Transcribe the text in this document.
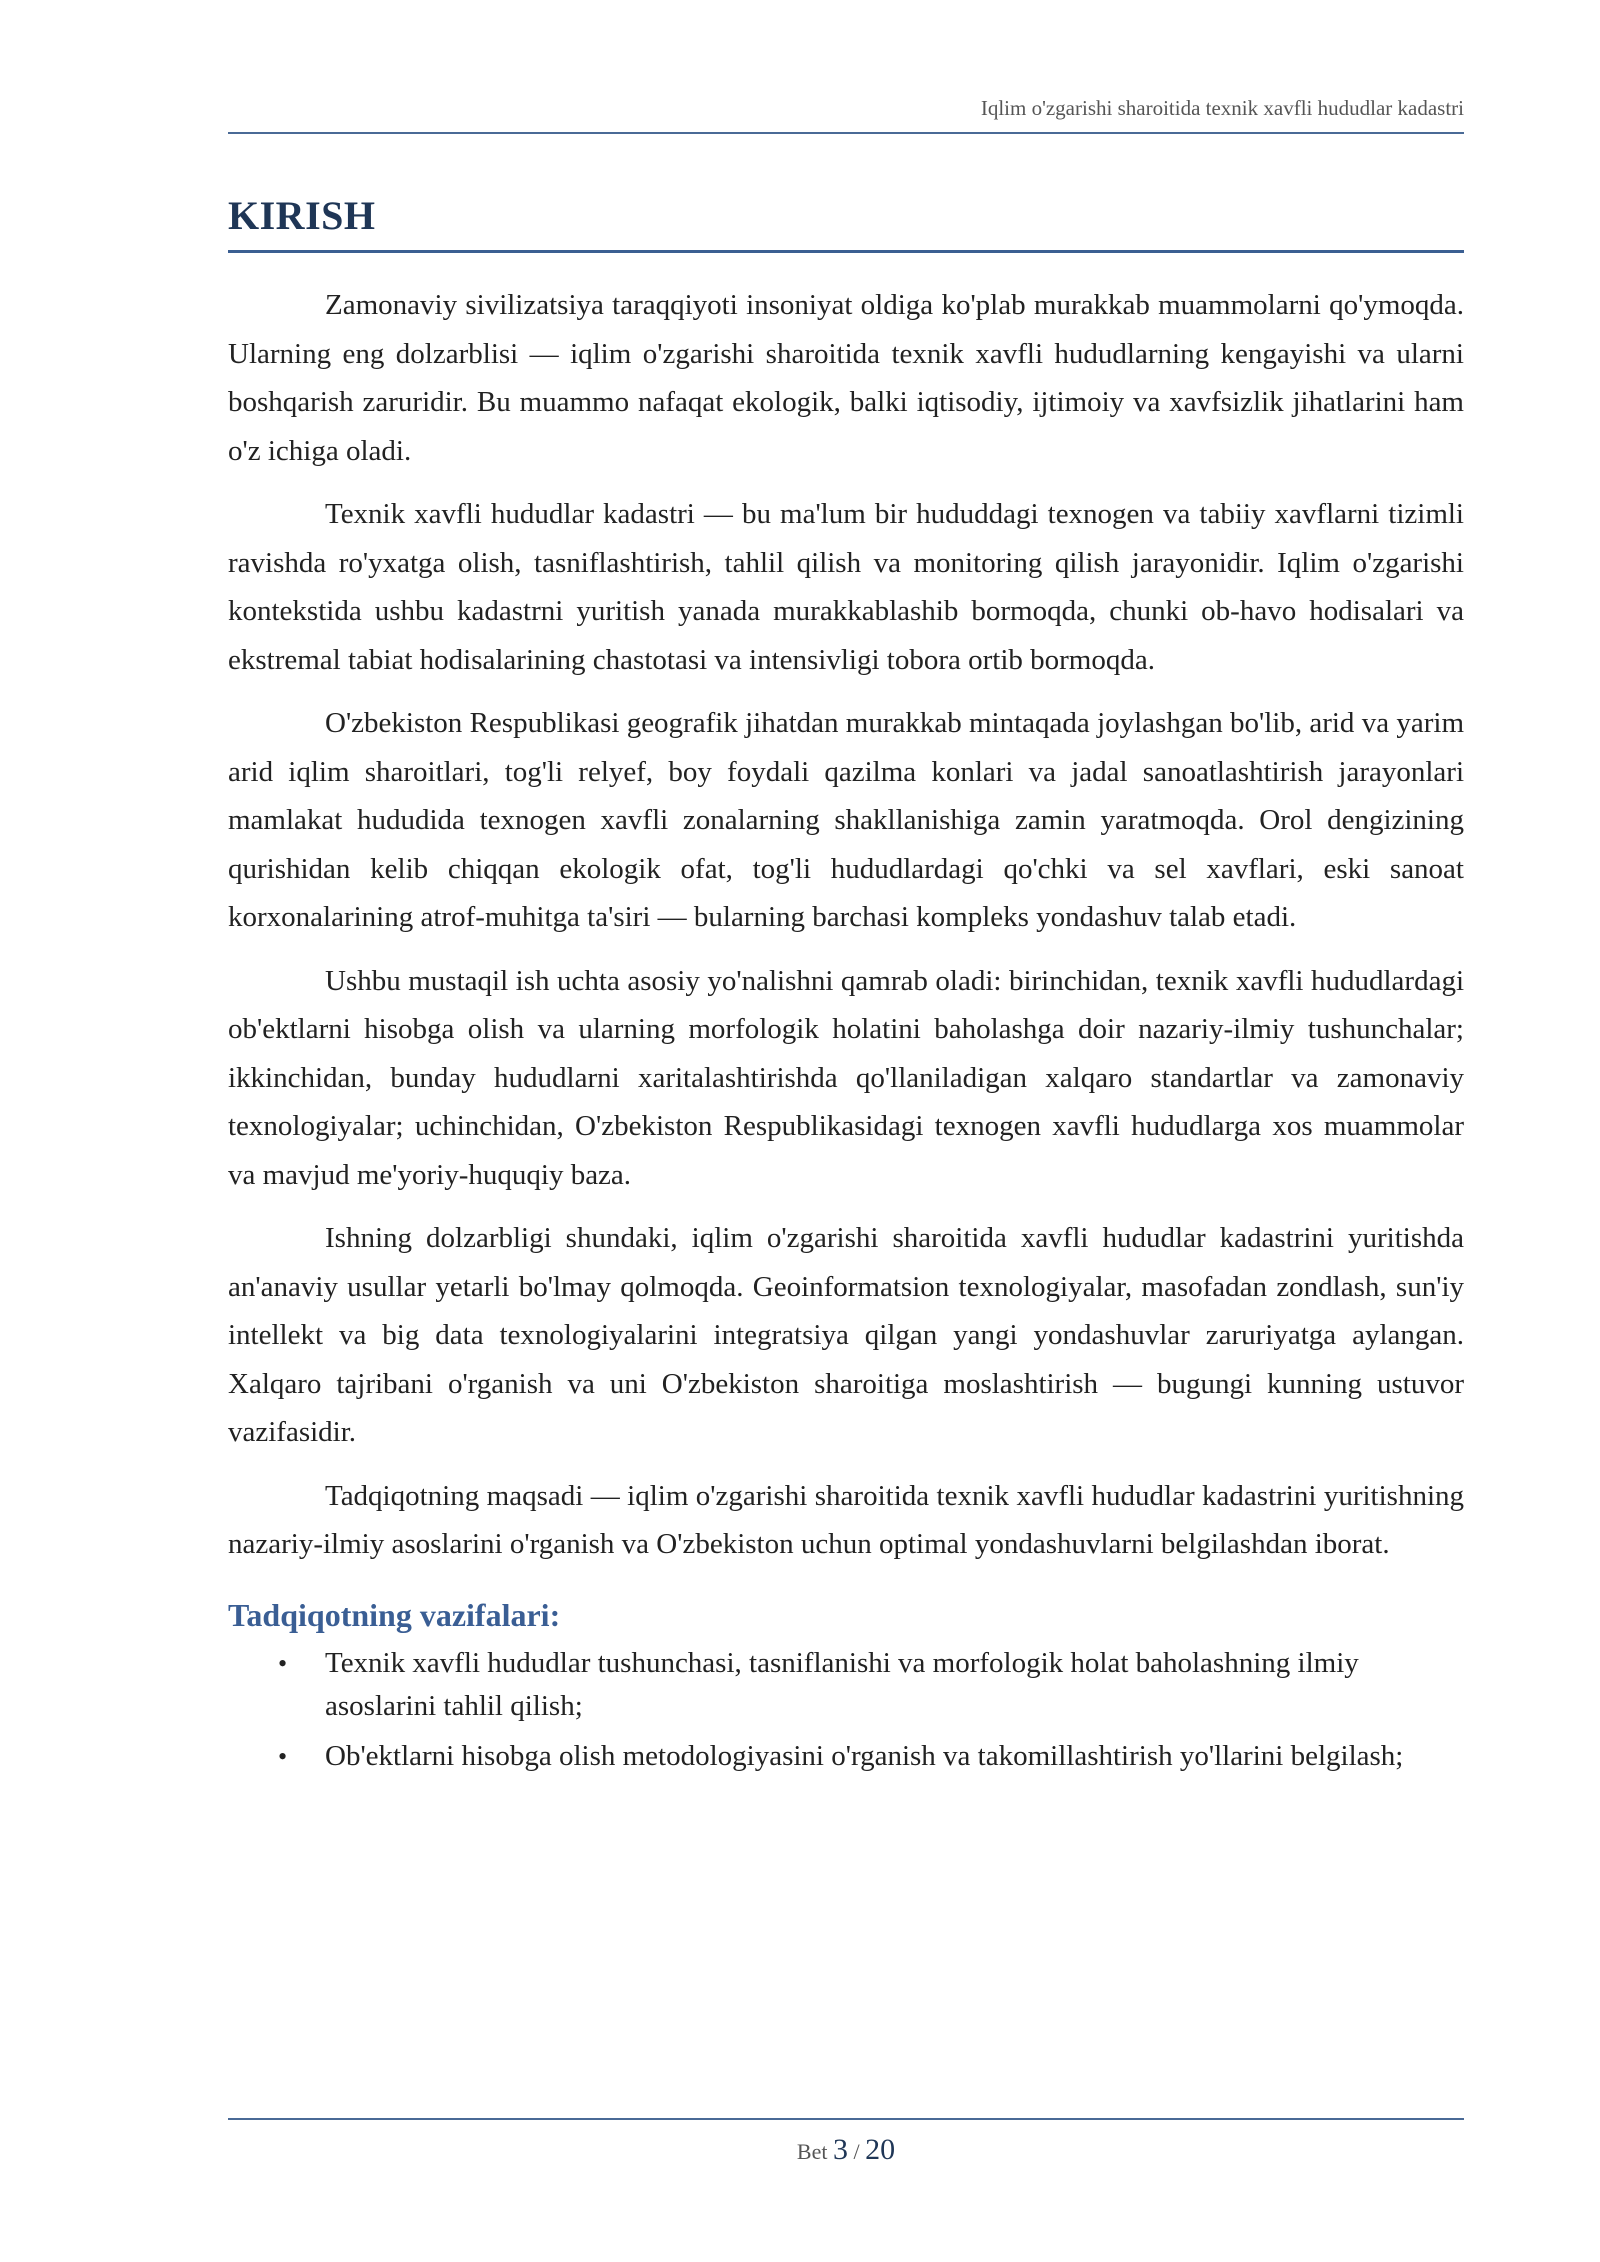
Iqlim o'zgarishi sharoitida texnik xavfli hududlar kadastri
KIRISH

Zamonaviy sivilizatsiya taraqqiyoti insoniyat oldiga ko'plab murakkab muammolarni qo'ymoqda. Ularning eng dolzarblisi — iqlim o'zgarishi sharoitida texnik xavfli hududlarning kengayishi va ularni boshqarish zaruridir. Bu muammo nafaqat ekologik, balki iqtisodiy, ijtimoiy va xavfsizlik jihatlarini ham o'z ichiga oladi.

Texnik xavfli hududlar kadastri — bu ma'lum bir hududdagi texnogen va tabiiy xavflarni tizimli ravishda ro'yxatga olish, tasniflashtirish, tahlil qilish va monitoring qilish jarayonidir. Iqlim o'zgarishi kontekstida ushbu kadastrni yuritish yanada murakkablashib bormoqda, chunki ob-havo hodisalari va ekstremal tabiat hodisalarining chastotasi va intensivligi tobora ortib bormoqda.

O'zbekiston Respublikasi geografik jihatdan murakkab mintaqada joylashgan bo'lib, arid va yarim arid iqlim sharoitlari, tog'li relyef, boy foydali qazilma konlari va jadal sanoatlashtirish jarayonlari mamlakat hududida texnogen xavfli zonalarning shakllanishiga zamin yaratmoqda. Orol dengizining qurishidan kelib chiqqan ekologik ofat, tog'li hududlardagi qo'chki va sel xavflari, eski sanoat korxonalarining atrof-muhitga ta'siri — bularning barchasi kompleks yondashuv talab etadi.

Ushbu mustaqil ish uchta asosiy yo'nalishni qamrab oladi: birinchidan, texnik xavfli hududlardagi ob'ektlarni hisobga olish va ularning morfologik holatini baholashga doir nazariy-ilmiy tushunchalar; ikkinchidan, bunday hududlarni xaritalashtirishda qo'llaniladigan xalqaro standartlar va zamonaviy texnologiyalar; uchinchidan, O'zbekiston Respublikasidagi texnogen xavfli hududlarga xos muammolar va mavjud me'yoriy-huquqiy baza.

Ishning dolzarbligi shundaki, iqlim o'zgarishi sharoitida xavfli hududlar kadastrini yuritishda an'anaviy usullar yetarli bo'lmay qolmoqda. Geoinformatsion texnologiyalar, masofadan zondlash, sun'iy intellekt va big data texnologiyalarini integratsiya qilgan yangi yondashuvlar zaruriyatga aylangan. Xalqaro tajribani o'rganish va uni O'zbekiston sharoitiga moslashtirish — bugungi kunning ustuvor vazifasidir.

Tadqiqotning maqsadi — iqlim o'zgarishi sharoitida texnik xavfli hududlar kadastrini yuritishning nazariy-ilmiy asoslarini o'rganish va O'zbekiston uchun optimal yondashuvlarni belgilashdan iborat.

Tadqiqotning vazifalari:
• Texnik xavfli hududlar tushunchasi, tasniflanishi va morfologik holat baholashning ilmiy asoslarini tahlil qilish;
• Ob'ektlarni hisobga olish metodologiyasini o'rganish va takomillashtirish yo'llarini belgilash;
Bet 3 / 20
